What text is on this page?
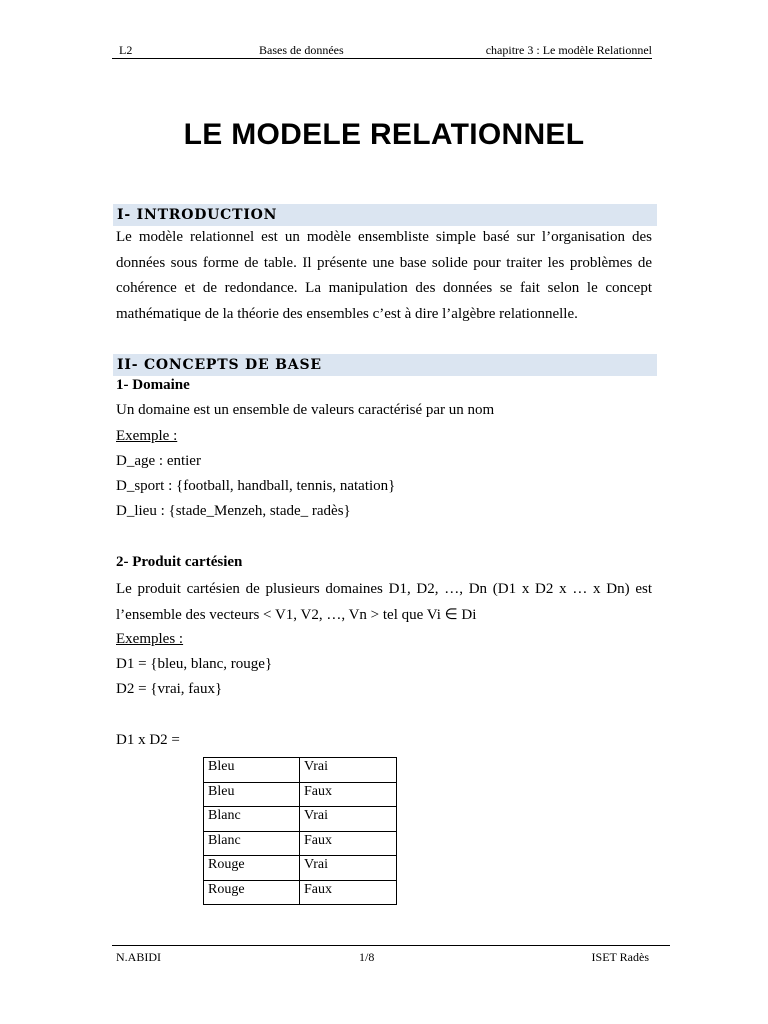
L2	Bases de données	chapitre 3 : Le modèle Relationnel
LE MODELE RELATIONNEL
I- INTRODUCTION
Le modèle relationnel est un modèle ensembliste simple basé sur l’organisation des données sous forme de table. Il présente une base solide pour traiter les problèmes de cohérence et de redondance. La manipulation des données se fait selon le concept mathématique de la théorie des ensembles c’est à dire l’algèbre relationnelle.
II- CONCEPTS DE BASE
1- Domaine
Un domaine est un ensemble de valeurs caractérisé par un nom
Exemple :
D_age : entier
D_sport : {football, handball, tennis, natation}
D_lieu : {stade_Menzeh, stade_ radès}
2- Produit cartésien
Le produit cartésien de plusieurs domaines D1, D2, …, Dn (D1 x D2 x … x Dn) est
l’ensemble des vecteurs < V1, V2, …, Vn > tel que Vi ∈ Di
Exemples :
D1 = {bleu, blanc, rouge}
D2 = {vrai, faux}
D1 x D2 =
Bleu	Vrai
Bleu	Faux
Blanc	Vrai
Blanc	Faux
Rouge	Vrai
Rouge	Faux
N.ABIDI	1/8	ISET Radès
